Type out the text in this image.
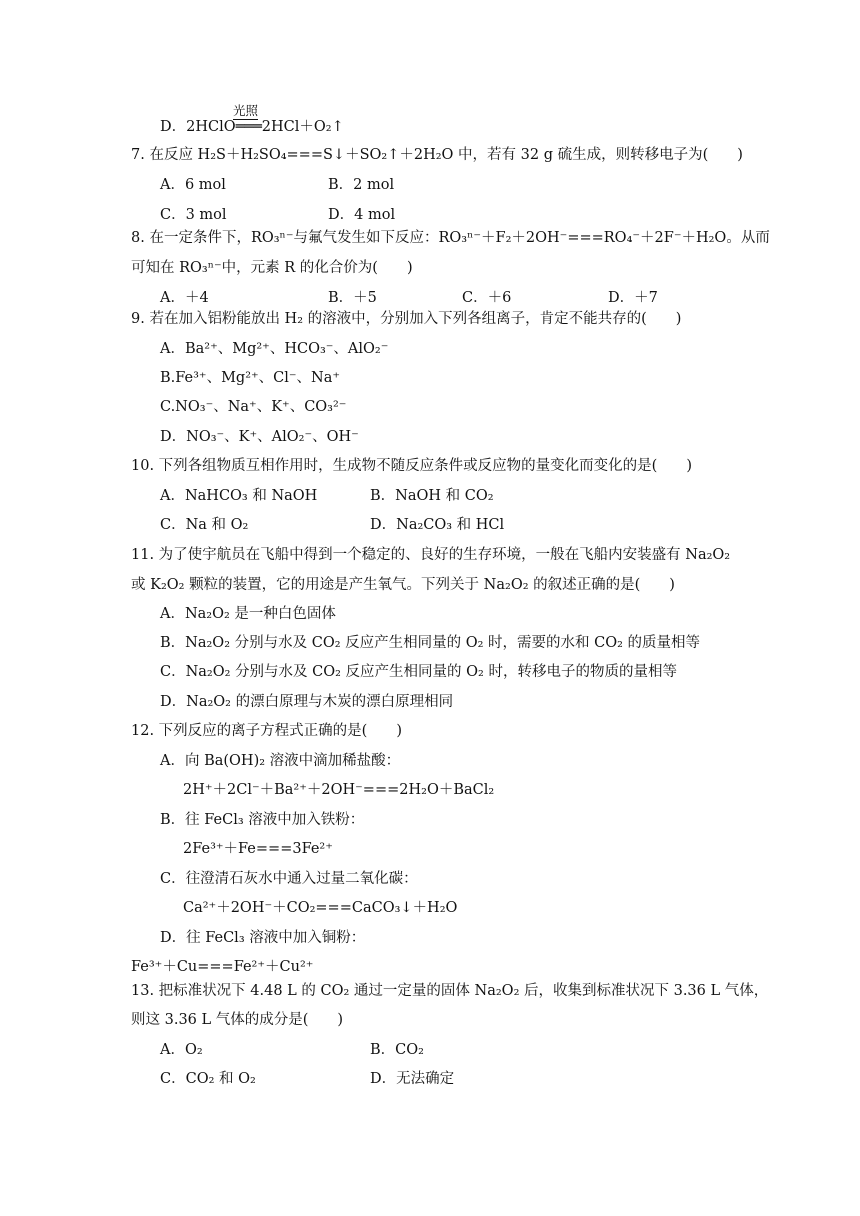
光照
D．2HClO═══2HCl＋O₂↑
7. 在反应 H₂S＋H₂SO₄===S↓＋SO₂↑＋2H₂O 中，若有 32 g 硫生成，则转移电子为(　　)
A．6 mol	B．2 mol
C．3 mol	D．4 mol
8. 在一定条件下，RO₃ⁿ⁻与氟气发生如下反应：RO₃ⁿ⁻＋F₂＋2OH⁻===RO₄⁻＋2F⁻＋H₂O。从而
可知在 RO₃ⁿ⁻中，元素 R 的化合价为(　　)
A．＋4	B．＋5	C．＋6	D．＋7
9. 若在加入铝粉能放出 H₂ 的溶液中，分别加入下列各组离子，肯定不能共存的(　　)
A．Ba²⁺、Mg²⁺、HCO₃⁻、AlO₂⁻
B.Fe³⁺、Mg²⁺、Cl⁻、Na⁺
C.NO₃⁻、Na⁺、K⁺、CO₃²⁻
D．NO₃⁻、K⁺、AlO₂⁻、OH⁻
10. 下列各组物质互相作用时，生成物不随反应条件或反应物的量变化而变化的是(　　)
A．NaHCO₃ 和 NaOH	B．NaOH 和 CO₂
C．Na 和 O₂	D．Na₂CO₃ 和 HCl
11. 为了使宇航员在飞船中得到一个稳定的、良好的生存环境，一般在飞船内安装盛有 Na₂O₂
或 K₂O₂ 颗粒的装置，它的用途是产生氧气。下列关于 Na₂O₂ 的叙述正确的是(　　)
A．Na₂O₂ 是一种白色固体
B．Na₂O₂ 分别与水及 CO₂ 反应产生相同量的 O₂ 时，需要的水和 CO₂ 的质量相等
C．Na₂O₂ 分别与水及 CO₂ 反应产生相同量的 O₂ 时，转移电子的物质的量相等
D．Na₂O₂ 的漂白原理与木炭的漂白原理相同
12. 下列反应的离子方程式正确的是(　　)
A．向 Ba(OH)₂ 溶液中滴加稀盐酸：
2H⁺＋2Cl⁻＋Ba²⁺＋2OH⁻===2H₂O＋BaCl₂
B．往 FeCl₃ 溶液中加入铁粉：
2Fe³⁺＋Fe===3Fe²⁺
C．往澄清石灰水中通入过量二氧化碳：
Ca²⁺＋2OH⁻＋CO₂===CaCO₃↓＋H₂O
D．往 FeCl₃ 溶液中加入铜粉：
Fe³⁺＋Cu===Fe²⁺＋Cu²⁺
13. 把标准状况下 4.48 L 的 CO₂ 通过一定量的固体 Na₂O₂ 后，收集到标准状况下 3.36 L 气体，
则这 3.36 L 气体的成分是(　　)
A．O₂	B．CO₂
C．CO₂ 和 O₂	D．无法确定
